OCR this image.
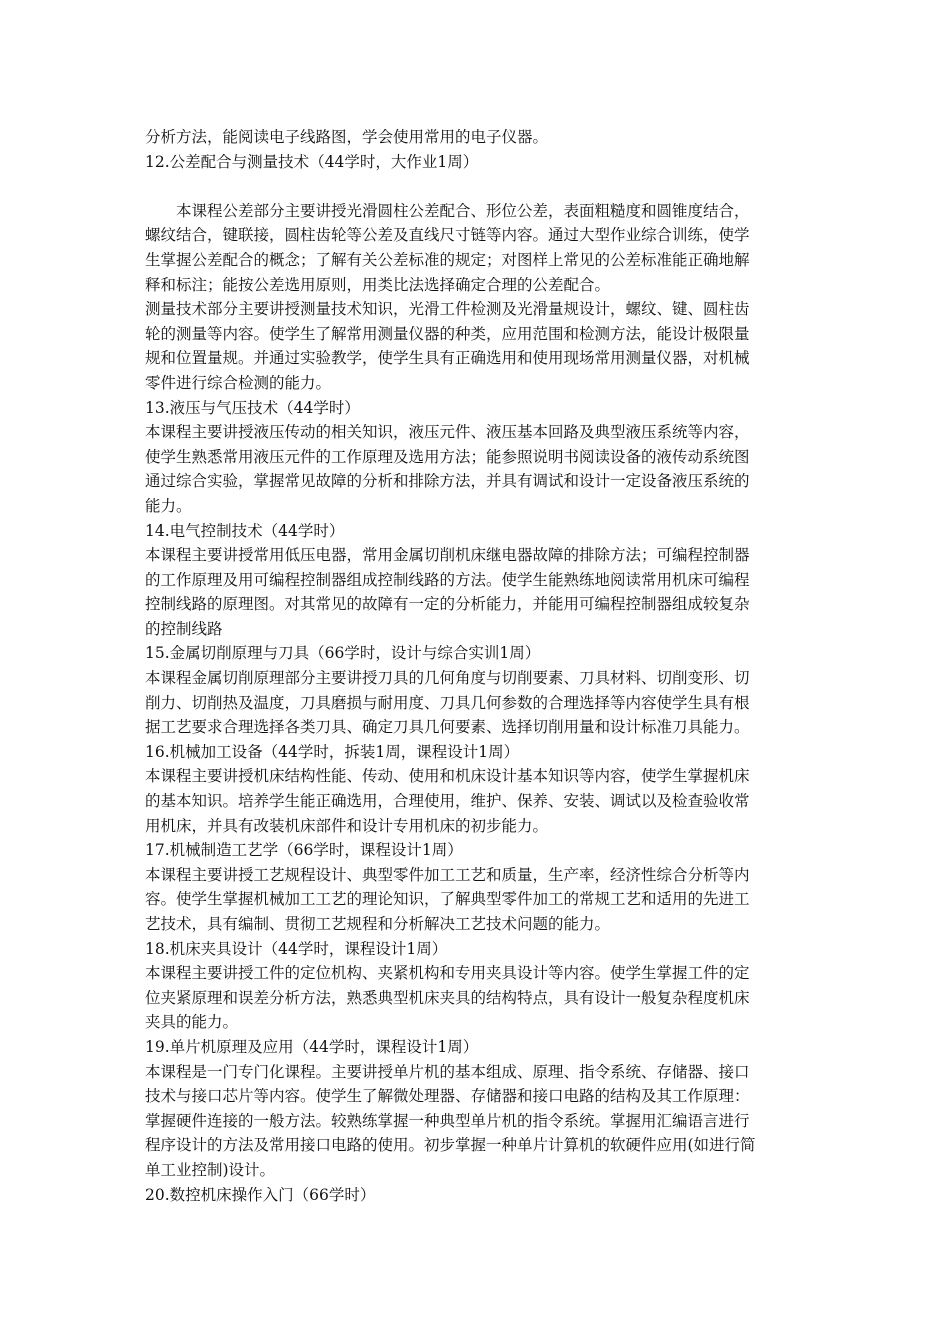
分析方法，能阅读电子线路图，学会使用常用的电子仪器。
12.公差配合与测量技术（44学时，大作业1周）
本课程公差部分主要讲授光滑圆柱公差配合、形位公差，表面粗糙度和圆锥度结合，
螺纹结合，键联接，圆柱齿轮等公差及直线尺寸链等内容。通过大型作业综合训练，使学
生掌握公差配合的概念；了解有关公差标准的规定；对图样上常见的公差标准能正确地解
释和标注；能按公差选用原则，用类比法选择确定合理的公差配合。
测量技术部分主要讲授测量技术知识，光滑工件检测及光滑量规设计，螺纹、键、圆柱齿
轮的测量等内容。使学生了解常用测量仪器的种类，应用范围和检测方法，能设计极限量
规和位置量规。并通过实验教学，使学生具有正确选用和使用现场常用测量仪器，对机械
零件进行综合检测的能力。
13.液压与气压技术（44学时）
本课程主要讲授液压传动的相关知识，液压元件、液压基本回路及典型液压系统等内容，
使学生熟悉常用液压元件的工作原理及选用方法；能参照说明书阅读设备的液传动系统图
通过综合实验，掌握常见故障的分析和排除方法，并具有调试和设计一定设备液压系统的
能力。
14.电气控制技术（44学时）
本课程主要讲授常用低压电器，常用金属切削机床继电器故障的排除方法；可编程控制器
的工作原理及用可编程控制器组成控制线路的方法。使学生能熟练地阅读常用机床可编程
控制线路的原理图。对其常见的故障有一定的分析能力，并能用可编程控制器组成较复杂
的控制线路
15.金属切削原理与刀具（66学时，设计与综合实训1周）
本课程金属切削原理部分主要讲授刀具的几何角度与切削要素、刀具材料、切削变形、切
削力、切削热及温度，刀具磨损与耐用度、刀具几何参数的合理选择等内容使学生具有根
据工艺要求合理选择各类刀具、确定刀具几何要素、选择切削用量和设计标准刀具能力。
16.机械加工设备（44学时，拆装1周，课程设计1周）
本课程主要讲授机床结构性能、传动、使用和机床设计基本知识等内容，使学生掌握机床
的基本知识。培养学生能正确选用，合理使用，维护、保养、安装、调试以及检查验收常
用机床，并具有改装机床部件和设计专用机床的初步能力。
17.机械制造工艺学（66学时，课程设计1周）
本课程主要讲授工艺规程设计、典型零件加工工艺和质量，生产率，经济性综合分析等内
容。使学生掌握机械加工工艺的理论知识，了解典型零件加工的常规工艺和适用的先进工
艺技术，具有编制、贯彻工艺规程和分析解决工艺技术问题的能力。
18.机床夹具设计（44学时，课程设计1周）
本课程主要讲授工件的定位机构、夹紧机构和专用夹具设计等内容。使学生掌握工件的定
位夹紧原理和误差分析方法，熟悉典型机床夹具的结构特点，具有设计一般复杂程度机床
夹具的能力。
19.单片机原理及应用（44学时，课程设计1周）
本课程是一门专门化课程。主要讲授单片机的基本组成、原理、指令系统、存储器、接口
技术与接口芯片等内容。使学生了解微处理器、存储器和接口电路的结构及其工作原理：
掌握硬件连接的一般方法。较熟练掌握一种典型单片机的指令系统。掌握用汇编语言进行
程序设计的方法及常用接口电路的使用。初步掌握一种单片计算机的软硬件应用(如进行简
单工业控制)设计。
20.数控机床操作入门（66学时）
